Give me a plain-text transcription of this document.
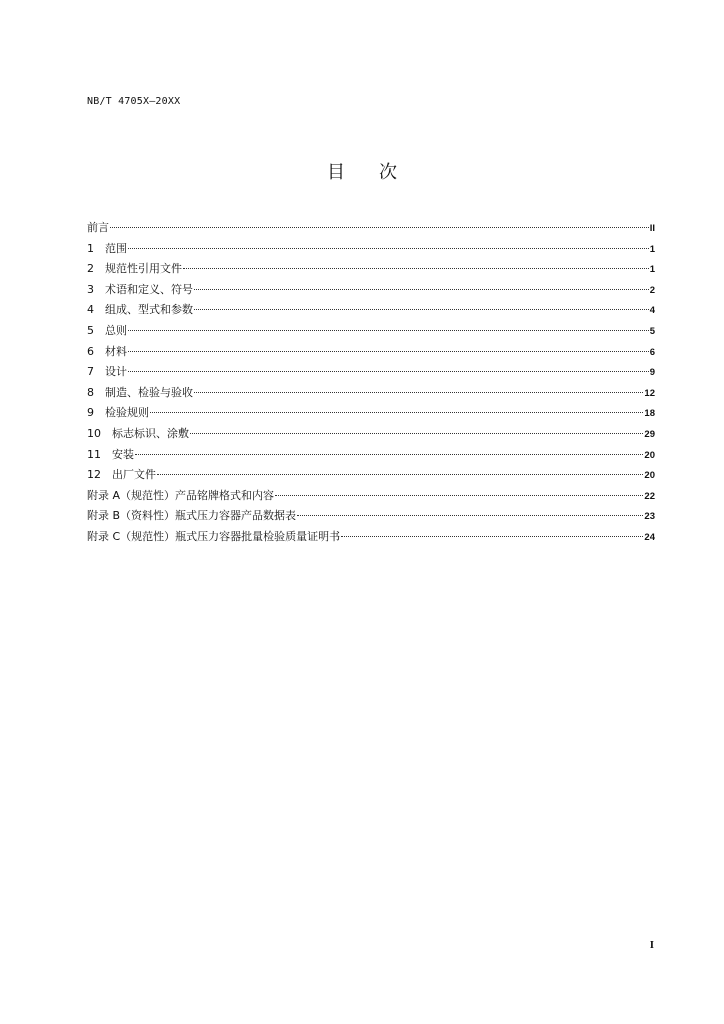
NB/T 4705X—20XX
目次
前言	II
1	范围	1
2	规范性引用文件	1
3	术语和定义、符号	2
4	组成、型式和参数	4
5	总则	5
6	材料	6
7	设计	9
8	制造、检验与验收	12
9	检验规则	18
10	标志标识、涂敷	29
11	安装	20
12	出厂文件	20
附录 A（规范性）产品铭牌格式和内容	22
附录 B（资料性）瓶式压力容器产品数据表	23
附录 C（规范性）瓶式压力容器批量检验质量证明书	24
I
